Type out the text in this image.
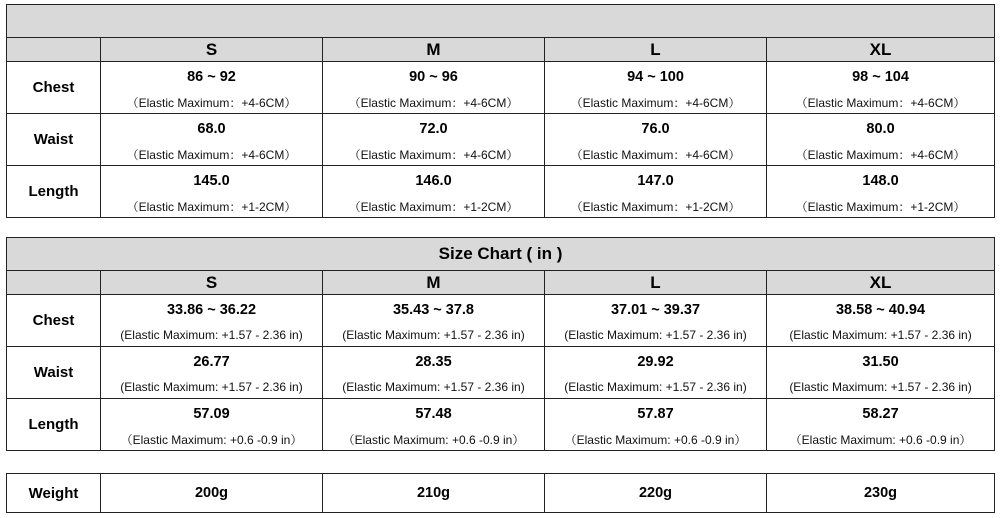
	S	M	L	XL
Chest	86 ~ 92	90 ~ 96	94 ~ 100	98 ~ 104
	（Elastic Maximum：+4-6CM）	（Elastic Maximum：+4-6CM）	（Elastic Maximum：+4-6CM）	（Elastic Maximum：+4-6CM）
Waist	68.0	72.0	76.0	80.0
	（Elastic Maximum：+4-6CM）	（Elastic Maximum：+4-6CM）	（Elastic Maximum：+4-6CM）	（Elastic Maximum：+4-6CM）
Length	145.0	146.0	147.0	148.0
	（Elastic Maximum：+1-2CM）	（Elastic Maximum：+1-2CM）	（Elastic Maximum：+1-2CM）	（Elastic Maximum：+1-2CM）
Size Chart ( in )				
	S	M	L	XL
Chest	33.86 ~ 36.22	35.43 ~ 37.8	37.01 ~ 39.37	38.58 ~ 40.94
	(Elastic Maximum: +1.57 - 2.36 in)	(Elastic Maximum: +1.57 - 2.36 in)	(Elastic Maximum: +1.57 - 2.36 in)	(Elastic Maximum: +1.57 - 2.36 in)
Waist	26.77	28.35	29.92	31.50
	(Elastic Maximum: +1.57 - 2.36 in)	(Elastic Maximum: +1.57 - 2.36 in)	(Elastic Maximum: +1.57 - 2.36 in)	(Elastic Maximum: +1.57 - 2.36 in)
Length	57.09	57.48	57.87	58.27
	（Elastic Maximum: +0.6 -0.9 in）	（Elastic Maximum: +0.6 -0.9 in）	（Elastic Maximum: +0.6 -0.9 in）	（Elastic Maximum: +0.6 -0.9 in）
Weight	200g	210g	220g	230g
